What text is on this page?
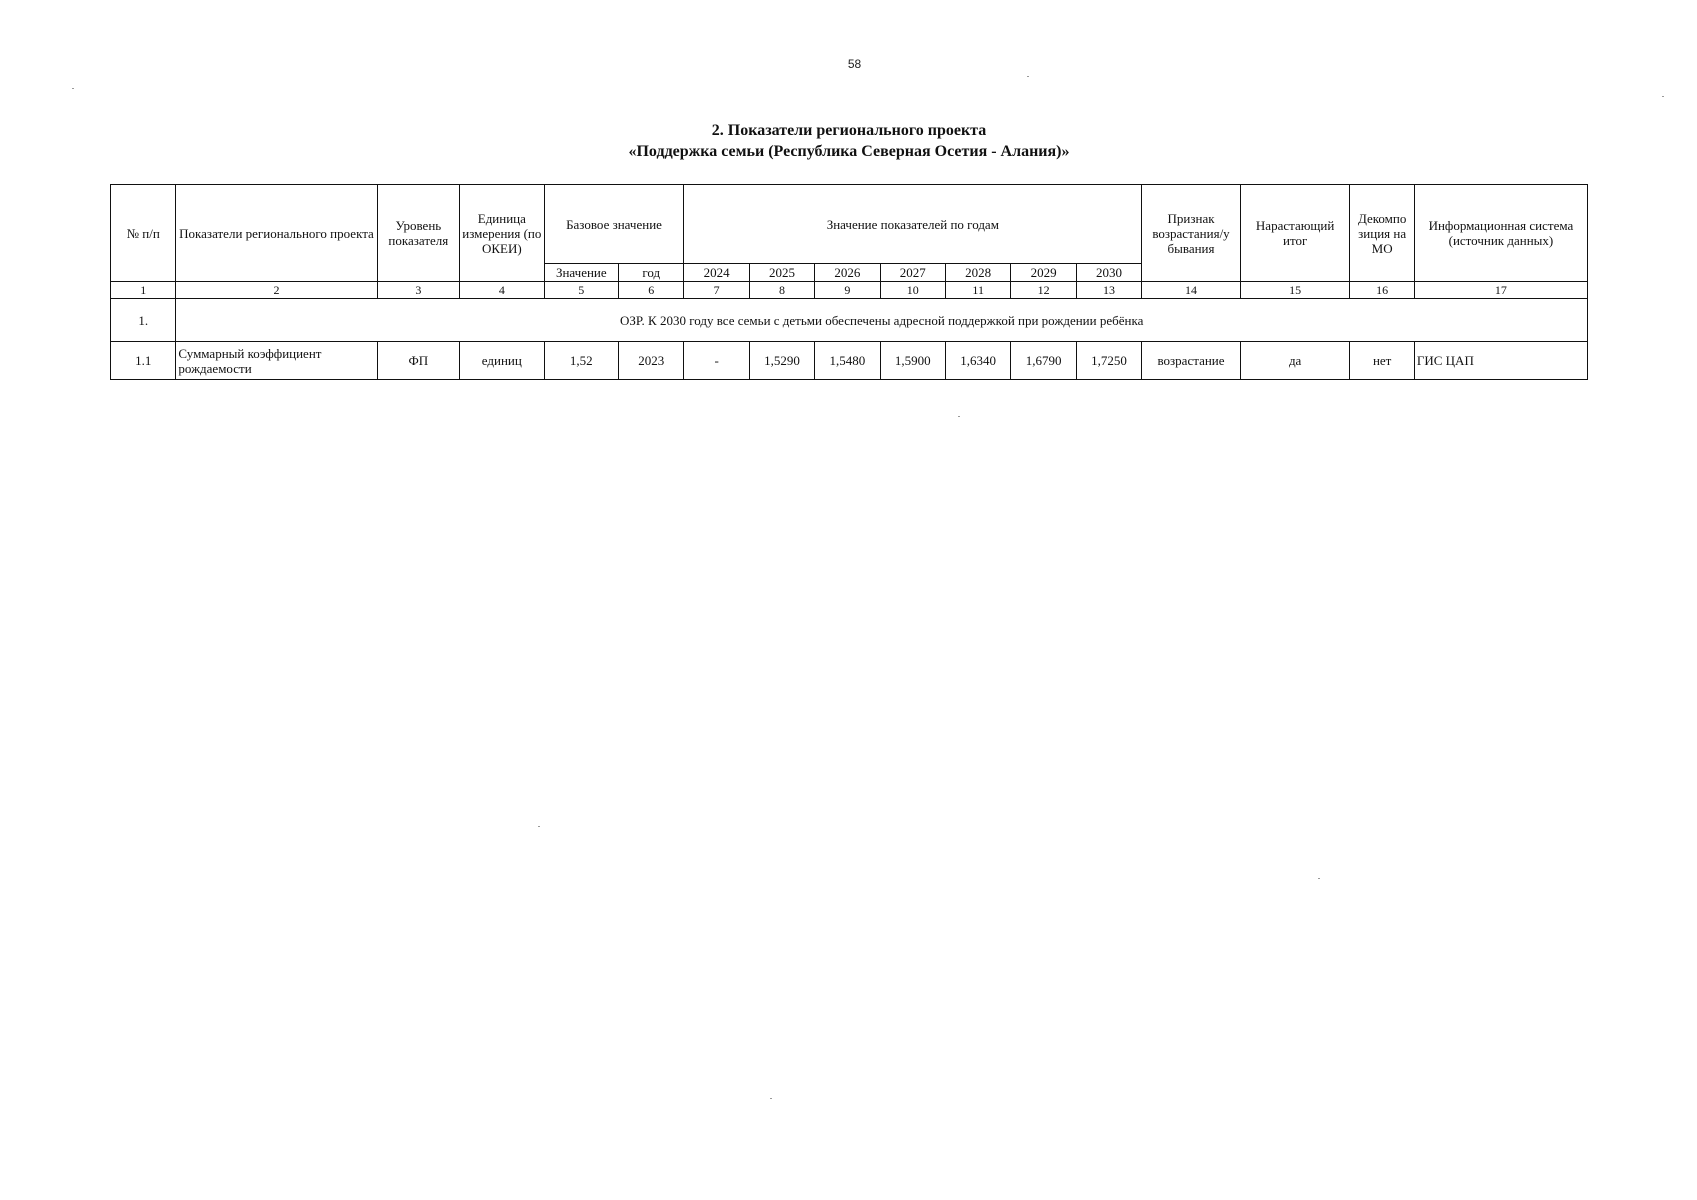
58
2. Показатели регионального проекта
«Поддержка семьи (Республика Северная Осетия - Алания)»
№ п/п	Показатели регионального проекта	Уровень показателя	Единица измерения (по ОКЕИ)	Базовое значение		Значение показателей по годам							Признак возрастания/у бывания	Нарастающий итог	Декомпо зиция на МО	Информационная система (источник данных)
				Значение	год	2024	2025	2026	2027	2028	2029	2030				
1	2	3	4	5	6	7	8	9	10	11	12	13	14	15	16	17
1.	ОЗР. К 2030 году все семьи с детьми обеспечены адресной поддержкой при рождении ребёнка															
1.1	Суммарный коэффициент рождаемости	ФП	единиц	1,52	2023	-	1,5290	1,5480	1,5900	1,6340	1,6790	1,7250	возрастание	да	нет	ГИС ЦАП
